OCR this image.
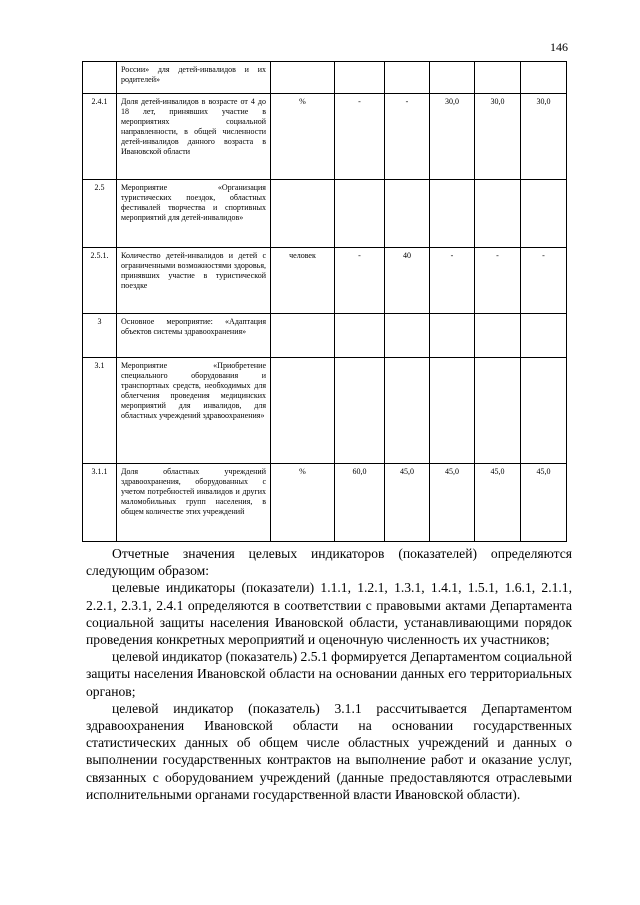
146
	России» для детей-инвалидов и их родителей»						
2.4.1	Доля детей-инвалидов в возрасте от 4 до 18 лет, принявших участие в мероприятиях социальной направленности, в общей численности детей-инвалидов данного возраста в Ивановской области	%	-	-	30,0	30,0	30,0
2.5	Мероприятие «Организация туристических поездок, областных фестивалей творчества и спортивных мероприятий для детей-инвалидов»						
2.5.1.	Количество детей-инвалидов и детей с ограниченными возможностями здоровья, принявших участие в туристической поездке	человек	-	40	-	-	-
3	Основное мероприятие: «Адаптация объектов системы здравоохранения»						
3.1	Мероприятие «Приобретение специального оборудования и транспортных средств, необходимых для облегчения проведения медицинских мероприятий для инвалидов, для областных учреждений здравоохранения»						
3.1.1	Доля областных учреждений здравоохранения, оборудованных с учетом потребностей инвалидов и других маломобильных групп населения, в общем количестве этих учреждений	%	60,0	45,0	45,0	45,0	45,0

Отчетные значения целевых индикаторов (показателей) определяются следующим образом:

целевые индикаторы (показатели) 1.1.1, 1.2.1, 1.3.1, 1.4.1, 1.5.1, 1.6.1, 2.1.1, 2.2.1, 2.3.1, 2.4.1 определяются в соответствии с правовыми актами Департамента социальной защиты населения Ивановской области, устанавливающими порядок проведения конкретных мероприятий и оценочную численность их участников;

целевой индикатор (показатель) 2.5.1 формируется Департаментом социальной защиты населения Ивановской области на основании данных его территориальных органов;

целевой индикатор (показатель) 3.1.1 рассчитывается Департаментом здравоохранения Ивановской области на основании государственных статистических данных об общем числе областных учреждений и данных о выполнении государственных контрактов на выполнение работ и оказание услуг, связанных с оборудованием учреждений (данные предоставляются отраслевыми исполнительными органами государственной власти Ивановской области).
